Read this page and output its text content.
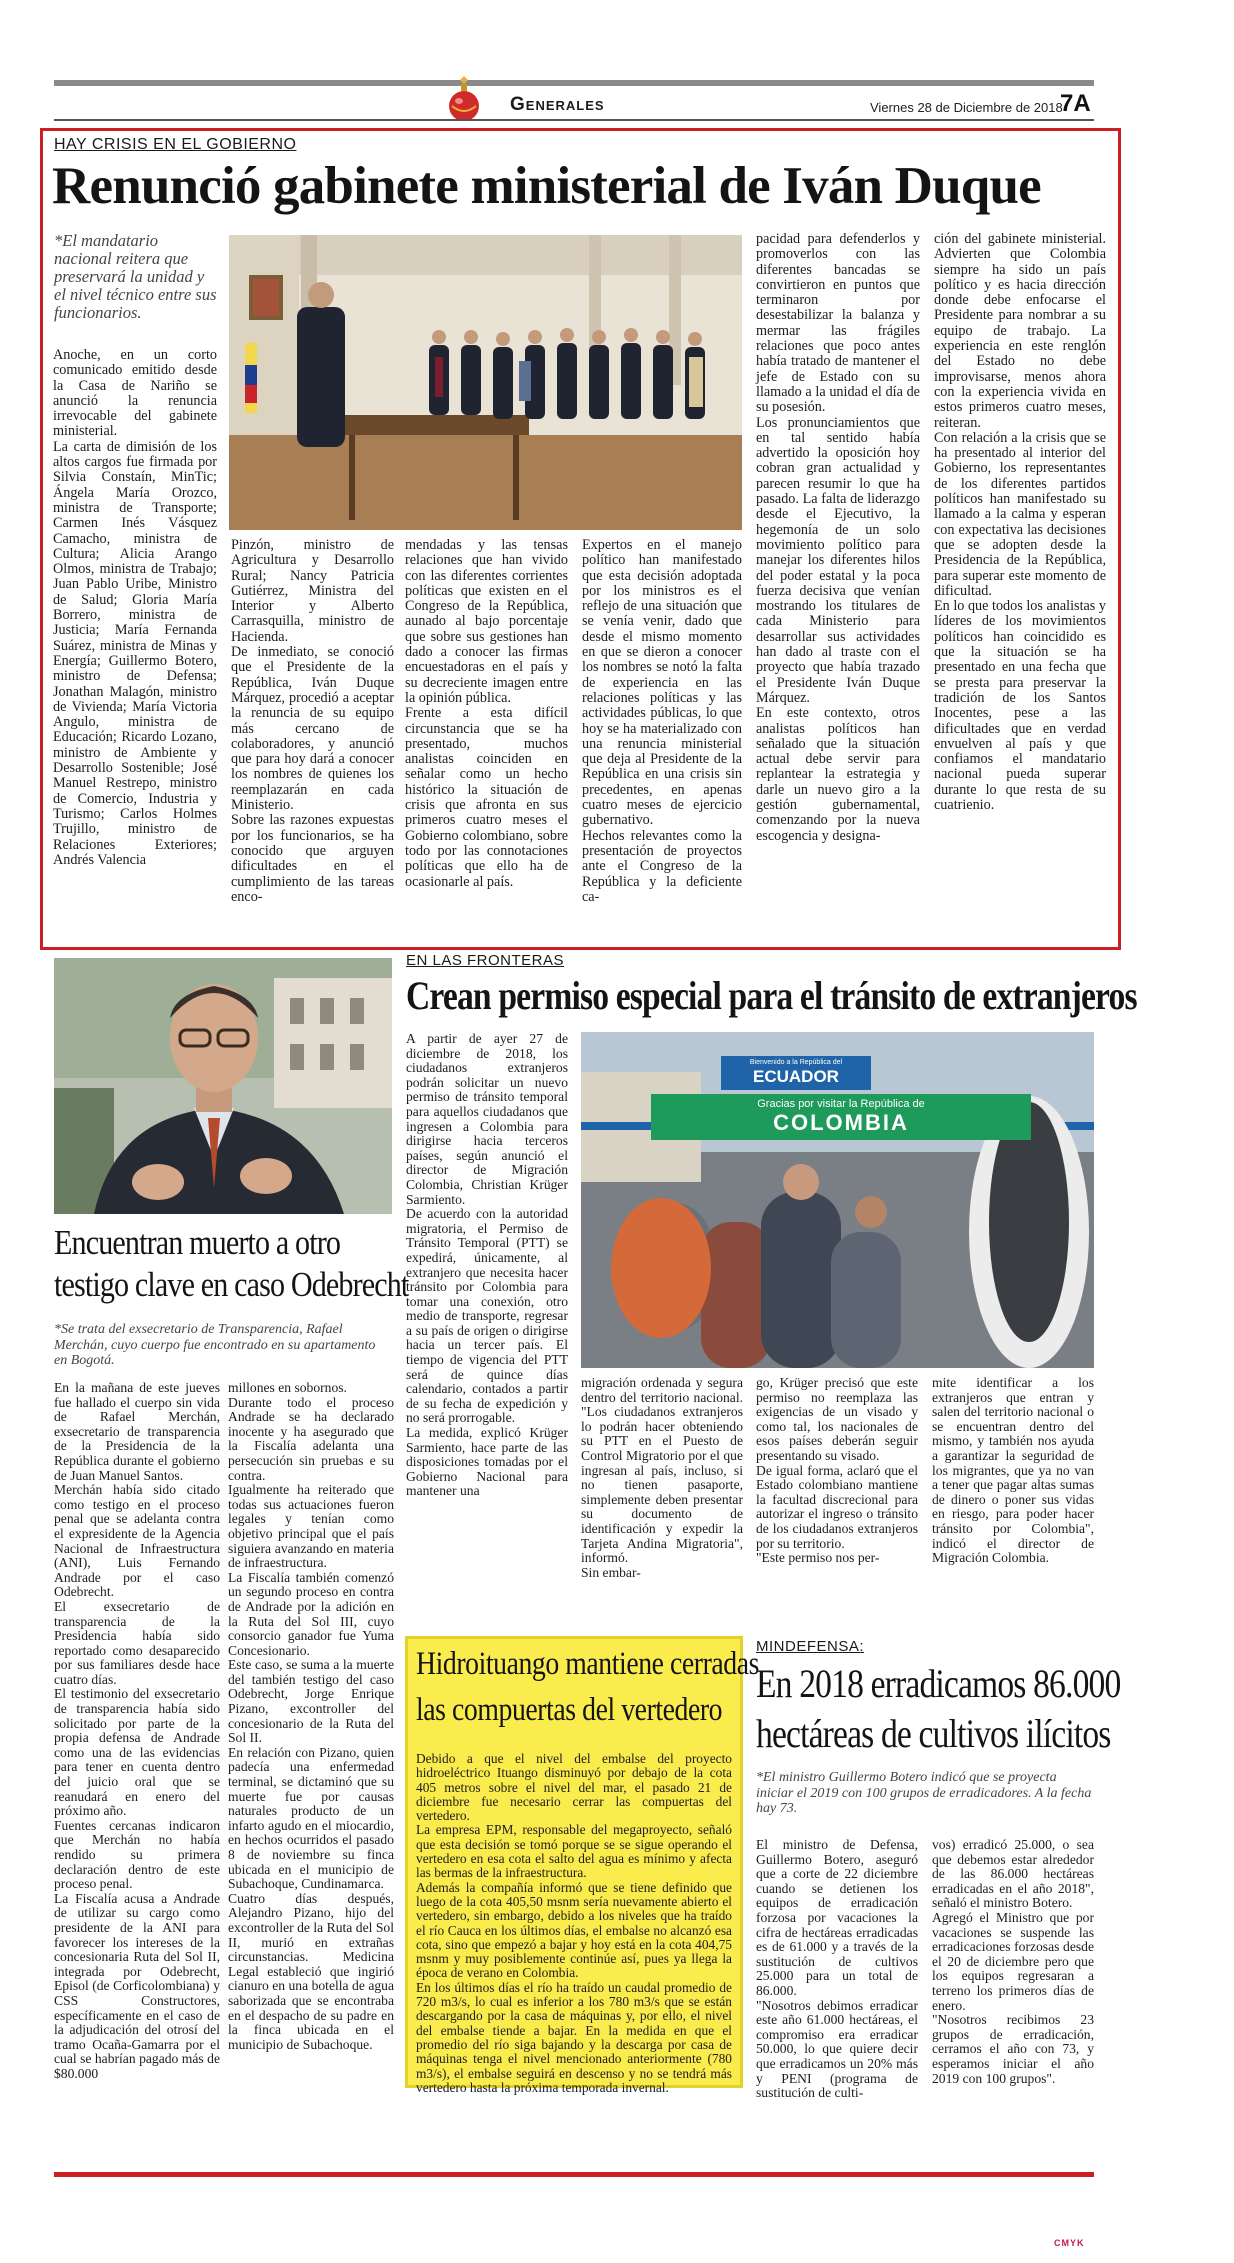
Generales	Viernes 28 de Diciembre de 2018
7A
HAY CRISIS EN EL GOBIERNO
Renunció gabinete ministerial de Iván Duque

*El mandatario nacional reitera que preservará la unidad y el nivel técnico entre sus funcionarios.

Anoche, en un corto comunicado emitido desde la Casa de Nariño se anunció la renuncia irrevocable del gabinete ministerial.
La carta de dimisión de los altos cargos fue firmada por Silvia Constaín, MinTic; Ángela María Orozco, ministra de Transporte; Carmen Inés Vásquez Camacho, ministra de Cultura; Alicia Arango Olmos, ministra de Trabajo; Juan Pablo Uribe, Ministro de Salud; Gloria María Borrero, ministra de Justicia; María Fernanda Suárez, ministra de Minas y Energía; Guillermo Botero, ministro de Defensa; Jonathan Malagón, ministro de Vivienda; María Victoria Angulo, ministra de Educación; Ricardo Lozano, ministro de Ambiente y Desarrollo Sostenible; José Manuel Restrepo, ministro de Comercio, Industria y Turismo; Carlos Holmes Trujillo, ministro de Relaciones Exteriores; Andrés Valencia

Pinzón, ministro de Agricultura y Desarrollo Rural; Nancy Patricia Gutiérrez, Ministra del Interior y Alberto Carrasquilla, ministro de Hacienda.
De inmediato, se conoció que el Presidente de la República, Iván Duque Márquez, procedió a aceptar la renuncia de su equipo más cercano de colaboradores, y anunció que para hoy dará a conocer los nombres de quienes los reemplazarán en cada Ministerio.
Sobre las razones expuestas por los funcionarios, se ha conocido que arguyen dificultades en el cumplimiento de las tareas enco-

mendadas y las tensas relaciones que han vivido con las diferentes corrientes políticas que existen en el Congreso de la República, aunado al bajo porcentaje que sobre sus gestiones han dado a conocer las firmas encuestadoras en el país y su decreciente imagen entre la opinión pública.
Frente a esta difícil circunstancia que se ha presentado, muchos analistas coinciden en señalar como un hecho histórico la situación de crisis que afronta en sus primeros cuatro meses el Gobierno colombiano, sobre todo por las connotaciones políticas que ello ha de ocasionarle al país.

Expertos en el manejo político han manifestado que esta decisión adoptada por los ministros es el reflejo de una situación que se venía venir, dado que desde el mismo momento en que se dieron a conocer los nombres se notó la falta de experiencia en las relaciones políticas y las actividades públicas, lo que hoy se ha materializado con una renuncia ministerial que deja al Presidente de la República en una crisis sin precedentes, en apenas cuatro meses de ejercicio gubernativo.
Hechos relevantes como la presentación de proyectos ante el Congreso de la República y la deficiente ca-

pacidad para defenderlos y promoverlos con las diferentes bancadas se convirtieron en puntos que terminaron por desestabilizar la balanza y mermar las frágiles relaciones que poco antes había tratado de mantener el jefe de Estado con su llamado a la unidad el día de su posesión.
Los pronunciamientos que en tal sentido había advertido la oposición hoy cobran gran actualidad y parecen resumir lo que ha pasado. La falta de liderazgo desde el Ejecutivo, la hegemonía de un solo movimiento político para manejar los diferentes hilos del poder estatal y la poca fuerza decisiva que venían mostrando los titulares de cada Ministerio para desarrollar sus actividades han dado al traste con el proyecto que había trazado el Presidente Iván Duque Márquez.
En este contexto, otros analistas políticos han señalado que la situación actual debe servir para replantear la estrategia y darle un nuevo giro a la gestión gubernamental, comenzando por la nueva escogencia y designa-

ción del gabinete ministerial. Advierten que Colombia siempre ha sido un país político y es hacia dirección donde debe enfocarse el Presidente para nombrar a su equipo de trabajo. La experiencia en este renglón del Estado no debe improvisarse, menos ahora con la experiencia vivida en estos primeros cuatro meses, reiteran.
Con relación a la crisis que se ha presentado al interior del Gobierno, los representantes de los diferentes partidos políticos han manifestado su llamado a la calma y esperan con expectativa las decisiones que se adopten desde la Presidencia de la República, para superar este momento de dificultad.
En lo que todos los analistas y líderes de los movimientos políticos han coincidido es que la situación se ha presentado en una fecha que se presta para preservar la tradición de los Santos Inocentes, pese a las dificultades que en verdad envuelven al país y que confiamos el mandatario nacional pueda superar durante lo que resta de su cuatrienio.

Encuentran muerto a otro
testigo clave en caso Odebrecht

*Se trata del exsecretario de Transparencia, Rafael Merchán, cuyo cuerpo fue encontrado en su apartamento en Bogotá.

En la mañana de este jueves fue hallado el cuerpo sin vida de Rafael Merchán, exsecretario de transparencia de la Presidencia de la República durante el gobierno de Juan Manuel Santos.
Merchán había sido citado como testigo en el proceso penal que se adelanta contra el expresidente de la Agencia Nacional de Infraestructura (ANI), Luis Fernando Andrade por el caso Odebrecht.
El exsecretario de transparencia de la Presidencia había sido reportado como desaparecido por sus familiares desde hace cuatro días.
El testimonio del exsecretario de transparencia había sido solicitado por parte de la propia defensa de Andrade como una de las evidencias para tener en cuenta dentro del juicio oral que se reanudará en enero del próximo año.
Fuentes cercanas indicaron que Merchán no había rendido su primera declaración dentro de este proceso penal.
La Fiscalía acusa a Andrade de utilizar su cargo como presidente de la ANI para favorecer los intereses de la concesionaria Ruta del Sol II, integrada por Odebrecht, Episol (de Corficolombiana) y CSS Constructores, específicamente en el caso de la adjudicación del otrosí del tramo Ocaña-Gamarra por el cual se habrían pagado más de $80.000

millones en sobornos.
Durante todo el proceso Andrade se ha declarado inocente y ha asegurado que la Fiscalía adelanta una persecución sin pruebas e su contra.
Igualmente ha reiterado que todas sus actuaciones fueron legales y tenían como objetivo principal que el país siguiera avanzando en materia de infraestructura.
La Fiscalía también comenzó un segundo proceso en contra de Andrade por la adición en la Ruta del Sol III, cuyo consorcio ganador fue Yuma Concesionario.
Este caso, se suma a la muerte del también testigo del caso Odebrecht, Jorge Enrique Pizano, excontroller del concesionario de la Ruta del Sol II.
En relación con Pizano, quien padecía una enfermedad terminal, se dictaminó que su muerte fue por causas naturales producto de un infarto agudo en el miocardio, en hechos ocurridos el pasado 8 de noviembre su finca ubicada en el municipio de Subachoque, Cundinamarca.
Cuatro días después, Alejandro Pizano, hijo del excontroller de la Ruta del Sol II, murió en extrañas circunstancias. Medicina Legal estableció que ingirió cianuro en una botella de agua saborizada que se encontraba en el despacho de su padre en la finca ubicada en el municipio de Subachoque.

EN LAS FRONTERAS
Crean permiso especial para el tránsito de extranjeros

A partir de ayer 27 de diciembre de 2018, los ciudadanos extranjeros podrán solicitar un nuevo permiso de tránsito temporal para aquellos ciudadanos que ingresen a Colombia para dirigirse hacia terceros países, según anunció el director de Migración Colombia, Christian Krüger Sarmiento.
De acuerdo con la autoridad migratoria, el Permiso de Tránsito Temporal (PTT) se expedirá, únicamente, al extranjero que necesita hacer tránsito por Colombia para tomar una conexión, otro medio de transporte, regresar a su país de origen o dirigirse hacia un tercer país. El tiempo de vigencia del PTT será de quince días calendario, contados a partir de su fecha de expedición y no será prorrogable.
La medida, explicó Krüger Sarmiento, hace parte de las disposiciones tomadas por el Gobierno Nacional para mantener una

Bienvenido a la República del
ECUADOR
Gracias por visitar la República de
COLOMBIA

migración ordenada y segura dentro del territorio nacional. "Los ciudadanos extranjeros lo podrán hacer obteniendo su PTT en el Puesto de Control Migratorio por el que ingresan al país, incluso, si no tienen pasaporte, simplemente deben presentar su documento de identificación y expedir la Tarjeta Andina Migratoria", informó.
Sin embar-

go, Krüger precisó que este permiso no reemplaza las exigencias de un visado y como tal, los nacionales de esos países deberán seguir presentando su visado.
De igual forma, aclaró que el Estado colombiano mantiene la facultad discrecional para autorizar el ingreso o tránsito de los ciudadanos extranjeros por su territorio.
"Este permiso nos per-

mite identificar a los extranjeros que entran y salen del territorio nacional o se encuentran dentro del mismo, y también nos ayuda a garantizar la seguridad de los migrantes, que ya no van a tener que pagar altas sumas de dinero o poner sus vidas en riesgo, para poder hacer tránsito por Colombia", indicó el director de Migración Colombia.

Hidroituango mantiene cerradas
las compuertas del vertedero

Debido a que el nivel del embalse del proyecto hidroeléctrico Ituango disminuyó por debajo de la cota 405 metros sobre el nivel del mar, el pasado 21 de diciembre fue necesario cerrar las compuertas del vertedero.
La empresa EPM, responsable del megaproyecto, señaló que esta decisión se tomó porque se se sigue operando el vertedero en esa cota el salto del agua es mínimo y afecta las bermas de la infraestructura.
Además la compañía informó que se tiene definido que luego de la cota 405,50 msnm sería nuevamente abierto el vertedero, sin embargo, debido a los niveles que ha traído el río Cauca en los últimos días, el embalse no alcanzó esa cota, sino que empezó a bajar y hoy está en la cota 404,75 msnm y muy posiblemente continúe así, pues ya llega la época de verano en Colombia.
En los últimos días el río ha traído un caudal promedio de 720 m3/s, lo cual es inferior a los 780 m3/s que se están descargando por la casa de máquinas y, por ello, el nivel del embalse tiende a bajar. En la medida en que el promedio del río siga bajando y la descarga por casa de máquinas tenga el nivel mencionado anteriormente (780 m3/s), el embalse seguirá en descenso y no se tendrá más vertedero hasta la próxima temporada invernal.

MINDEFENSA:
En 2018 erradicamos 86.000
hectáreas de cultivos ilícitos

*El ministro Guillermo Botero indicó que se proyecta iniciar el 2019 con 100 grupos de erradicadores. A la fecha hay 73.

El ministro de Defensa, Guillermo Botero, aseguró que a corte de 22 diciembre cuando se detienen los equipos de erradicación forzosa por vacaciones la cifra de hectáreas erradicadas es de 61.000 y a través de la sustitución de cultivos 25.000 para un total de 86.000.
"Nosotros debimos erradicar este año 61.000 hectáreas, el compromiso era erradicar 50.000, lo que quiere decir que erradicamos un 20% más y PENI (programa de sustitución de culti-

vos) erradicó 25.000, o sea que debemos estar alrededor de las 86.000 hectáreas erradicadas en el año 2018", señaló el ministro Botero.
Agregó el Ministro que por vacaciones se suspende las erradicaciones forzosas desde el 20 de diciembre pero que los equipos regresaran a terreno los primeros días de enero.
"Nosotros recibimos 23 grupos de erradicación, cerramos el año con 73, y esperamos iniciar el año 2019 con 100 grupos".

CMYK
